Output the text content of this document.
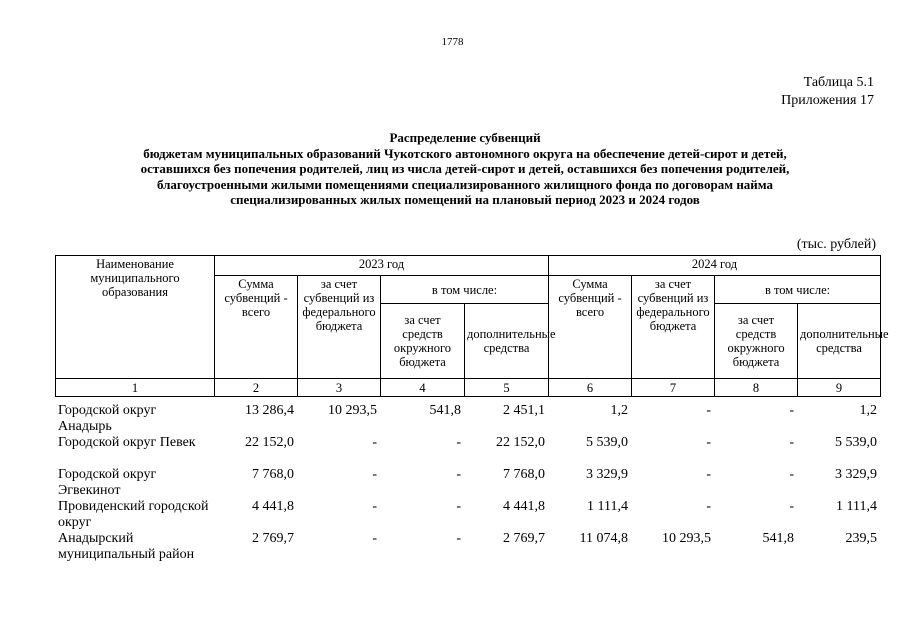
1778
Таблица 5.1
Приложения 17
Распределение субвенций
бюджетам муниципальных образований Чукотского автономного округа на обеспечение детей-сирот и детей,
оставшихся без попечения родителей, лиц из числа детей-сирот и детей, оставшихся без попечения родителей,
благоустроенными жилыми помещениями специализированного жилищного фонда по договорам найма
специализированных жилых помещений на плановый период 2023 и 2024 годов
(тыс. рублей)
Наименование муниципального образования	2023 год				2024 год			
	Сумма субвенций - всего	за счет субвенций из федерального бюджета	в том числе:		Сумма субвенций - всего	за счет субвенций из федерального бюджета	в том числе:	
			за счет средств окружного бюджета	дополнительные средства			за счет средств окружного бюджета	дополнительные средства
1	2	3	4	5	6	7	8	9
Городской округ Анадырь	13 286,4	10 293,5	541,8	2 451,1	1,2	-	-	1,2
Городской округ Певек	22 152,0	-	-	22 152,0	5 539,0	-	-	5 539,0
Городской округ Эгвекинот	7 768,0	-	-	7 768,0	3 329,9	-	-	3 329,9
Провиденский городской округ	4 441,8	-	-	4 441,8	1 111,4	-	-	1 111,4
Анадырский муниципальный район	2 769,7	-	-	2 769,7	11 074,8	10 293,5	541,8	239,5
